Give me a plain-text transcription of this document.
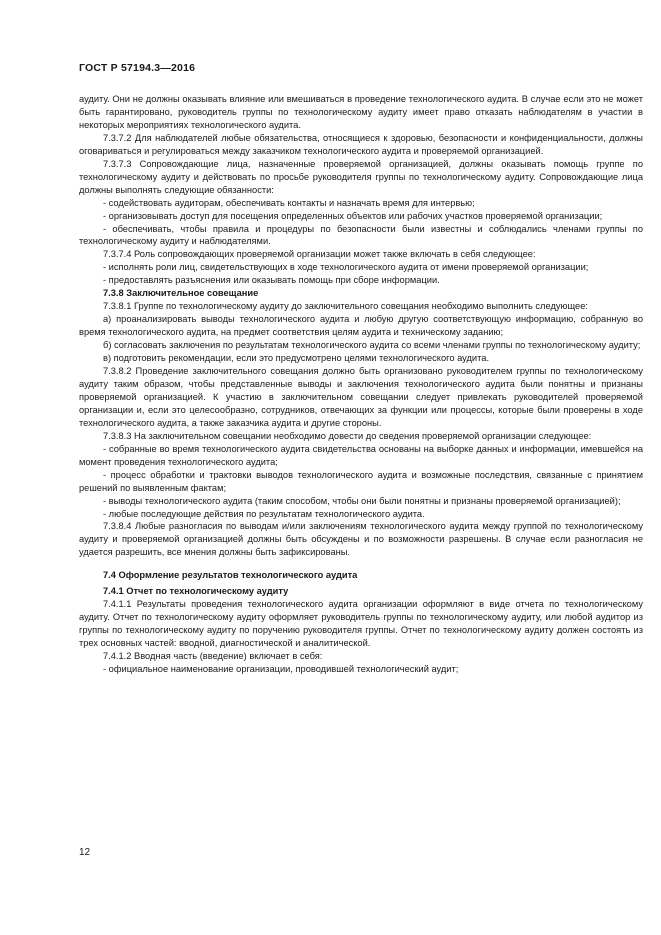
ГОСТ Р 57194.3—2016

аудиту. Они не должны оказывать влияние или вмешиваться в проведение технологического аудита. В случае если это не может быть гарантировано, руководитель группы по технологическому аудиту имеет право отказать наблюдателям в участии в некоторых мероприятиях технологического аудита.

7.3.7.2 Для наблюдателей любые обязательства, относящиеся к здоровью, безопасности и конфиденциальности, должны оговариваться и регулироваться между заказчиком технологического аудита и проверяемой организацией.

7.3.7.3 Сопровождающие лица, назначенные проверяемой организацией, должны оказывать помощь группе по технологическому аудиту и действовать по просьбе руководителя группы по технологическому аудиту. Сопровождающие лица должны выполнять следующие обязанности:

- содействовать аудиторам, обеспечивать контакты и назначать время для интервью;

- организовывать доступ для посещения определенных объектов или рабочих участков проверяемой организации;

- обеспечивать, чтобы правила и процедуры по безопасности были известны и соблюдались членами группы по технологическому аудиту и наблюдателями.

7.3.7.4 Роль сопровождающих проверяемой организации может также включать в себя следующее:

- исполнять роли лиц, свидетельствующих в ходе технологического аудита от имени проверяемой организации;

- предоставлять разъяснения или оказывать помощь при сборе информации.

7.3.8 Заключительное совещание

7.3.8.1 Группе по технологическому аудиту до заключительного совещания необходимо выполнить следующее:

а) проанализировать выводы технологического аудита и любую другую соответствующую информацию, собранную во время технологического аудита, на предмет соответствия целям аудита и техническому заданию;

б) согласовать заключения по результатам технологического аудита со всеми членами группы по технологическому аудиту;

в) подготовить рекомендации, если это предусмотрено целями технологического аудита.

7.3.8.2 Проведение заключительного совещания должно быть организовано руководителем группы по технологическому аудиту таким образом, чтобы представленные выводы и заключения технологического аудита были понятны и признаны проверяемой организацией. К участию в заключительном совещании следует привлекать руководителей проверяемой организации и, если это целесообразно, сотрудников, отвечающих за функции или процессы, которые были проверены в ходе технологического аудита, а также заказчика аудита и другие стороны.

7.3.8.3 На заключительном совещании необходимо довести до сведения проверяемой организации следующее:

- собранные во время технологического аудита свидетельства основаны на выборке данных и информации, имевшейся на момент проведения технологического аудита;

- процесс обработки и трактовки выводов технологического аудита и возможные последствия, связанные с принятием решений по выявленным фактам;

- выводы технологического аудита (таким способом, чтобы они были понятны и признаны проверяемой организацией);

- любые последующие действия по результатам технологического аудита.

7.3.8.4 Любые разногласия по выводам и/или заключениям технологического аудита между группой по технологическому аудиту и проверяемой организацией должны быть обсуждены и по возможности разрешены. В случае если разногласия не удается разрешить, все мнения должны быть зафиксированы.

7.4 Оформление результатов технологического аудита

7.4.1 Отчет по технологическому аудиту

7.4.1.1 Результаты проведения технологического аудита организации оформляют в виде отчета по технологическому аудиту. Отчет по технологическому аудиту оформляет руководитель группы по технологическому аудиту, или любой аудитор из группы по технологическому аудиту по поручению руководителя группы. Отчет по технологическому аудиту должен состоять из трех основных частей: вводной, диагностической и аналитической.

7.4.1.2 Вводная часть (введение) включает в себя:

- официальное наименование организации, проводившей технологический аудит;

12
